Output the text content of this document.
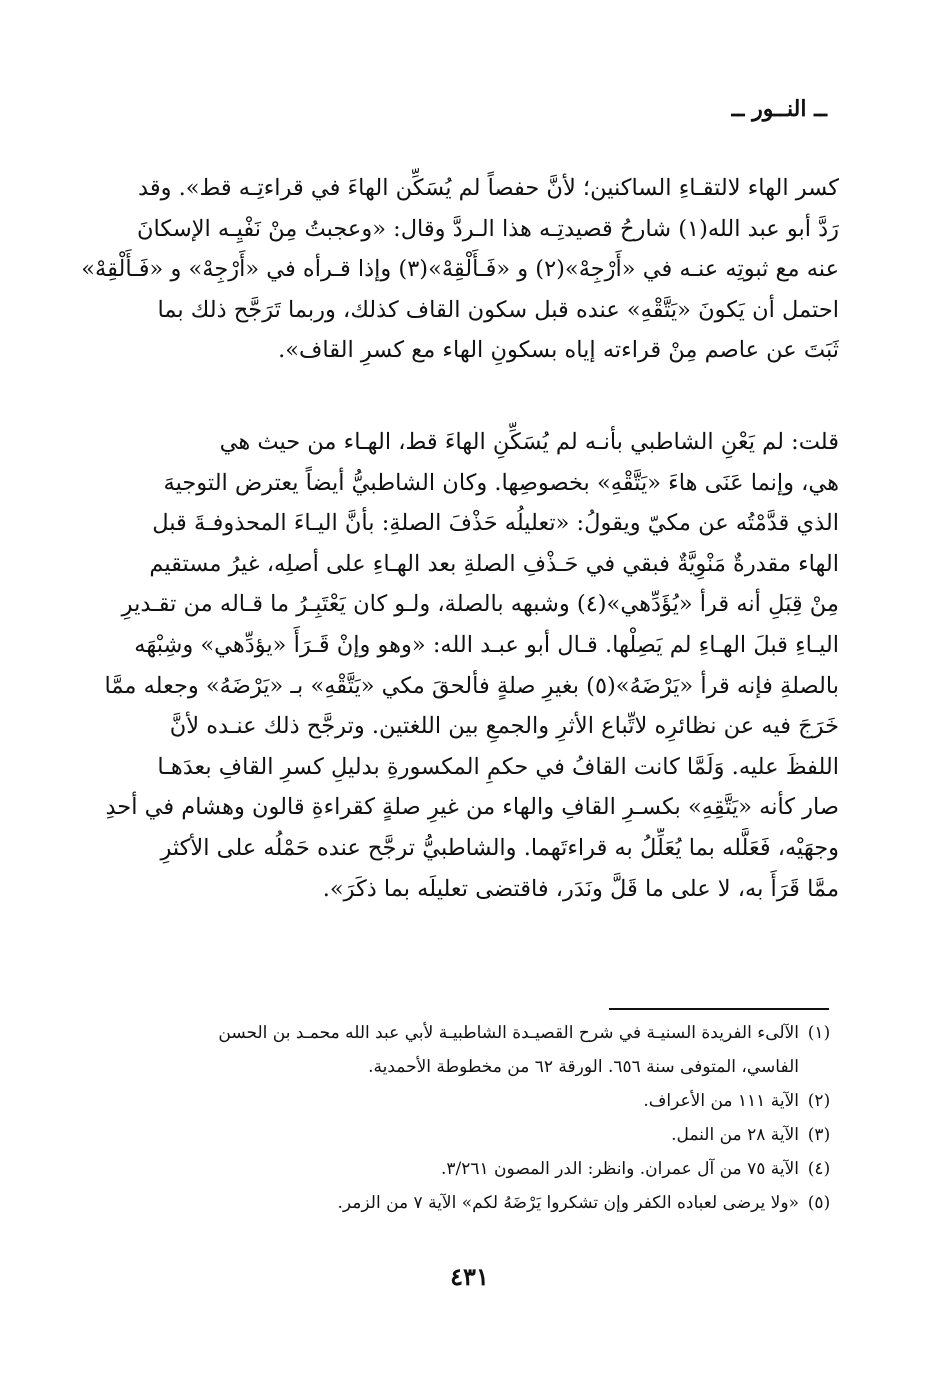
ــ النــور ــ
كسر الهاء لالتقـاءِ الساكنين؛ لأنَّ حفصاً لم يُسَكِّن الهاءَ في قراءتِـه قط». وقد
رَدَّ أبو عبد الله(١) شارحُ قصيدتِـه هذا الـردَّ وقال: «وعجبتُ مِنْ نَفْيِـه الإسكانَ
عنه مع ثبوتِه عنـه في «أَرْجِهْ»(٢) و «فَـأَلْقِهْ»(٣) وإذا قـرأه في «أَرْجِهْ» و «فَـأَلْقِهْ»
احتمل أن يَكونَ «يَتَّقْهِ» عنده قبل سكون القاف كذلك، وربما تَرَجَّح ذلك بما
ثَبَتَ عن عاصم مِنْ قراءته إياه بسكونِ الهاء مع كسرِ القاف».
قلت: لم يَعْنِ الشاطبي بأنـه لم يُسَكِّنِ الهاءَ قط، الهـاء من حيث هي
هي، وإنما عَنَى هاءَ «يَتَّقْهِ» بخصوصِها. وكان الشاطبيُّ أيضاً يعترض التوجيهَ
الذي قدَّمْتُه عن مكيّ ويقولُ: «تعليلُه حَذْفَ الصلةِ: بأنَّ اليـاءَ المحذوفـةَ قبل
الهاء مقدرةٌ مَنْوِيَّةٌ فبقي في حَـذْفِ الصلةِ بعد الهـاءِ على أصلِه، غيرُ مستقيم
مِنْ قِبَلِ أنه قرأ «يُؤَدِّهي»(٤) وشبهه بالصلة، ولـو كان يَعْتَبِـرُ ما قـاله من تقـديرِ
اليـاءِ قبلَ الهـاءِ لم يَصِلْها. قـال أبو عبـد الله: «وهو وإنْ قَـرَأَ «يؤدِّهي» وشِبْهَه
بالصلةِ فإنه قرأ «يَرْضَهُ»(٥) بغيرِ صلةٍ فألحقَ مكي «يَتَّقْهِ» بـ «يَرْضَهُ» وجعله ممَّا
خَرَجَ فيه عن نظائرِه لاتِّباع الأثرِ والجمعِ بين اللغتين. وترجَّح ذلك عنـده لأنَّ
اللفظَ عليه. وَلَمَّا كانت القافُ في حكمِ المكسورةِ بدليلِ كسرِ القافِ بعدَهـا
صار كأنه «يَتَّقِهِ» بكسـرِ القافِ والهاء من غيرِ صلةٍ كقراءةِ قالون وهشام في أحدِ
وجهَيْه، فَعَلَّله بما يُعَلِّلُ به قراءتَهما. والشاطبيُّ ترجَّح عنده حَمْلُه على الأكثرِ
ممَّا قَرَأَ به، لا على ما قَلَّ ونَدَر، فاقتضى تعليلَه بما ذكَرَ».
(١)
الآلىء الفريدة السنيـة في شرح القصيـدة الشاطبيـة لأبي عبد الله محمـد بن الحسن
الفاسي، المتوفى سنة ٦٥٦. الورقة ٦٢ من مخطوطة الأحمدية.
(٢)
الآية ١١١ من الأعراف.
(٣)
الآية ٢٨ من النمل.
(٤)
الآية ٧٥ من آل عمران. وانظر: الدر المصون ٣/٢٦١.
(٥)
«ولا يرضى لعباده الكفر وإن تشكروا يَرْضَهُ لكم» الآية ٧ من الزمر.
٤٣١
